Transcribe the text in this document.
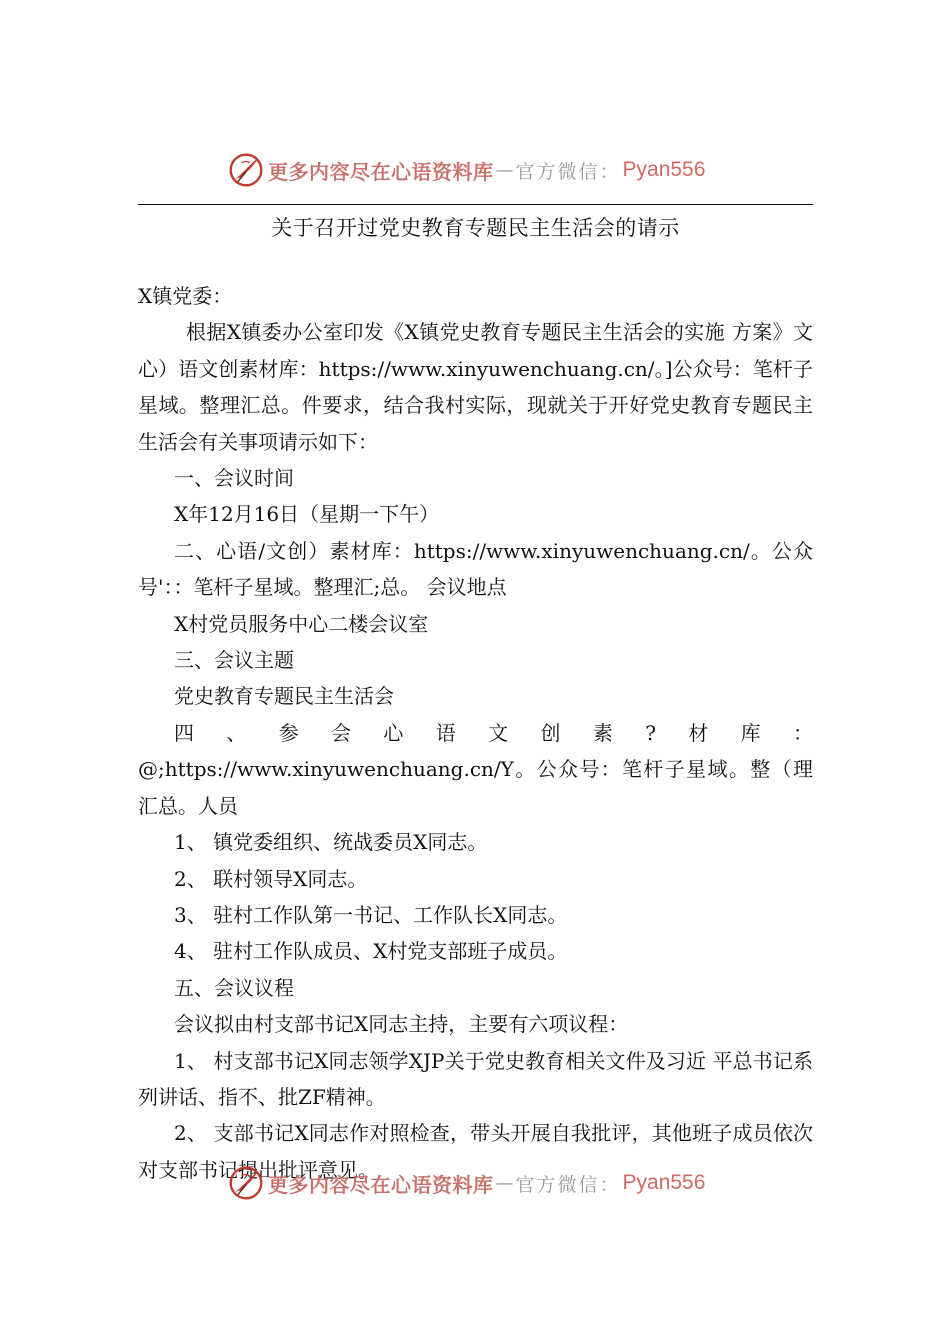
更多内容尽在心语资料库 — 官方微信： Pyan556
关于召开过党史教育专题民主生活会的请示

X镇党委：

根据X镇委办公室印发《X镇党史教育专题民主生活会的实施 方案》文心）语文创素材库：https://www.xinyuwenchuang.cn/。]公众号：笔杆子星域。整理汇总。件要求，结合我村实际，现就关于开好党史教育专题民主 生活会有关事项请示如下：

一、会议时间

X年12月16日（星期一下午）

二、心语/文创）素材库：https://www.xinyuwenchuang.cn/。公众号'：：笔杆子星域。整理汇;总。 会议地点

X村党员服务中心二楼会议室

三、会议主题

党史教育专题民主生活会

四、参会心语文创素?材库：@;https://www.xinyuwenchuang.cn/Y。公众号：笔杆子星域。整（理汇总。人员

1、 镇党委组织、统战委员X同志。

2、 联村领导X同志。

3、 驻村工作队第一书记、工作队长X同志。

4、 驻村工作队成员、X村党支部班子成员。

五、会议议程

会议拟由村支部书记X同志主持，主要有六项议程：

1、 村支部书记X同志领学XJP关于党史教育相关文件及习近 平总书记系列讲话、指不、批ZF精神。

2、 支部书记X同志作对照检查，带头开展自我批评，其他班子成员依次对支部书记提出批评意见。

更多内容尽在心语资料库 — 官方微信： Pyan556
